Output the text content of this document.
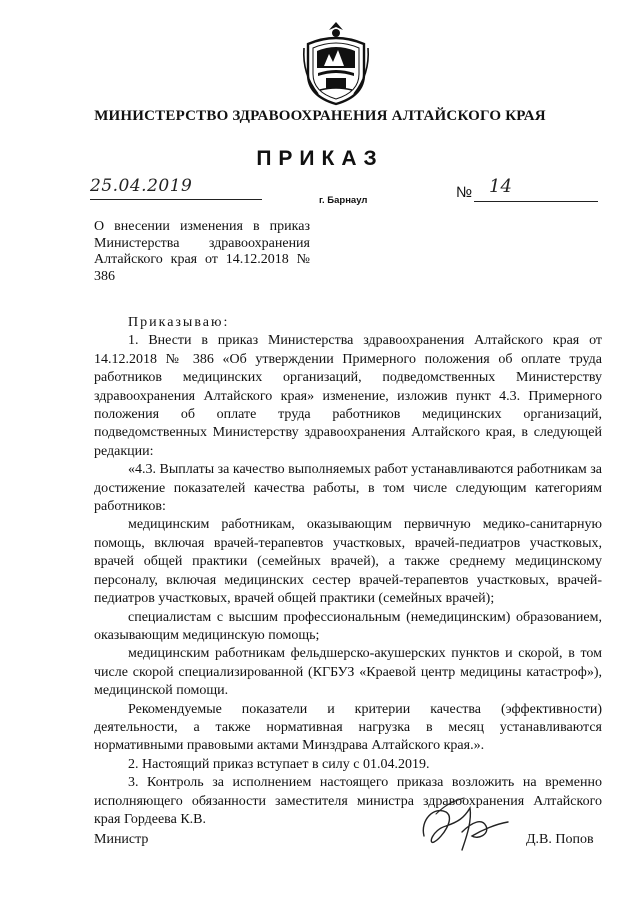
МИНИСТЕРСТВО ЗДРАВООХРАНЕНИЯ АЛТАЙСКОГО КРАЯ
ПРИКАЗ
25.04.2019
г. Барнаул	№ 14
О внесении изменения в приказ Министерства здравоохранения Алтайского края от 14.12.2018 № 386

Приказываю:

1. Внести в приказ Министерства здравоохранения Алтайского края от 14.12.2018 № 386 «Об утверждении Примерного положения об оплате труда работников медицинских организаций, подведомственных Министерству здравоохранения Алтайского края» изменение, изложив пункт 4.3. Примерного положения об оплате труда работников медицинских организаций, подведомственных Министерству здравоохранения Алтайского края, в следующей редакции:

«4.3. Выплаты за качество выполняемых работ устанавливаются работникам за достижение показателей качества работы, в том числе следующим категориям работников:

медицинским работникам, оказывающим первичную медико-санитарную помощь, включая врачей-терапевтов участковых, врачей-педиатров участковых, врачей общей практики (семейных врачей), а также среднему медицинскому персоналу, включая медицинских сестер врачей-терапевтов участковых, врачей-педиатров участковых, врачей общей практики (семейных врачей);

специалистам с высшим профессиональным (немедицинским) образованием, оказывающим медицинскую помощь;

медицинским работникам фельдшерско-акушерских пунктов и скорой, в том числе скорой специализированной (КГБУЗ «Краевой центр медицины катастроф»), медицинской помощи.

Рекомендуемые показатели и критерии качества (эффективности) деятельности, а также нормативная нагрузка в месяц устанавливаются нормативными правовыми актами Минздрава Алтайского края.».

2. Настоящий приказ вступает в силу с 01.04.2019.

3. Контроль за исполнением настоящего приказа возложить на временно исполняющего обязанности заместителя министра здравоохранения Алтайского края Гордеева К.В.

Министр	Д.В. Попов
